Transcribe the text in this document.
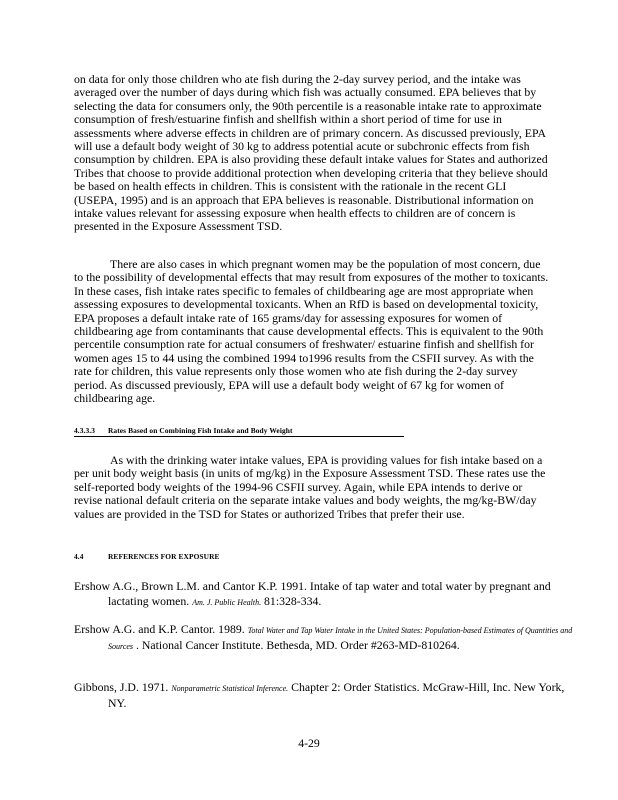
on data for only those children who ate fish during the 2-day survey period, and the intake was averaged over the number of days during which fish was actually consumed. EPA believes that by selecting the data for consumers only, the 90th percentile is a reasonable intake rate to approximate consumption of fresh/estuarine finfish and shellfish within a short period of time for use in assessments where adverse effects in children are of primary concern. As discussed previously, EPA will use a default body weight of 30 kg to address potential acute or subchronic effects from fish consumption by children. EPA is also providing these default intake values for States and authorized Tribes that choose to provide additional protection when developing criteria that they believe should be based on health effects in children. This is consistent with the rationale in the recent GLI (USEPA, 1995) and is an approach that EPA believes is reasonable. Distributional information on intake values relevant for assessing exposure when health effects to children are of concern is presented in the Exposure Assessment TSD.

There are also cases in which pregnant women may be the population of most concern, due to the possibility of developmental effects that may result from exposures of the mother to toxicants. In these cases, fish intake rates specific to females of childbearing age are most appropriate when assessing exposures to developmental toxicants. When an RfD is based on developmental toxicity, EPA proposes a default intake rate of 165 grams/day for assessing exposures for women of childbearing age from contaminants that cause developmental effects. This is equivalent to the 90th percentile consumption rate for actual consumers of freshwater/ estuarine finfish and shellfish for women ages 15 to 44 using the combined 1994 to1996 results from the CSFII survey. As with the rate for children, this value represents only those women who ate fish during the 2-day survey period. As discussed previously, EPA will use a default body weight of 67 kg for women of childbearing age.

4.3.3.3 Rates Based on Combining Fish Intake and Body Weight

As with the drinking water intake values, EPA is providing values for fish intake based on a per unit body weight basis (in units of mg/kg) in the Exposure Assessment TSD. These rates use the self-reported body weights of the 1994-96 CSFII survey. Again, while EPA intends to derive or revise national default criteria on the separate intake values and body weights, the mg/kg-BW/day values are provided in the TSD for States or authorized Tribes that prefer their use.

4.4	REFERENCES FOR EXPOSURE
Ershow A.G., Brown L.M. and Cantor K.P. 1991. Intake of tap water and total water by pregnant and lactating women. Am. J. Public Health. 81:328-334.
Ershow A.G. and K.P. Cantor. 1989. Total Water and Tap Water Intake in the United States: Population-based Estimates of Quantities and Sources . National Cancer Institute. Bethesda, MD. Order #263-MD-810264.
Gibbons, J.D. 1971. Nonparametric Statistical Inference. Chapter 2: Order Statistics. McGraw-Hill, Inc. New York, NY.
4-29
